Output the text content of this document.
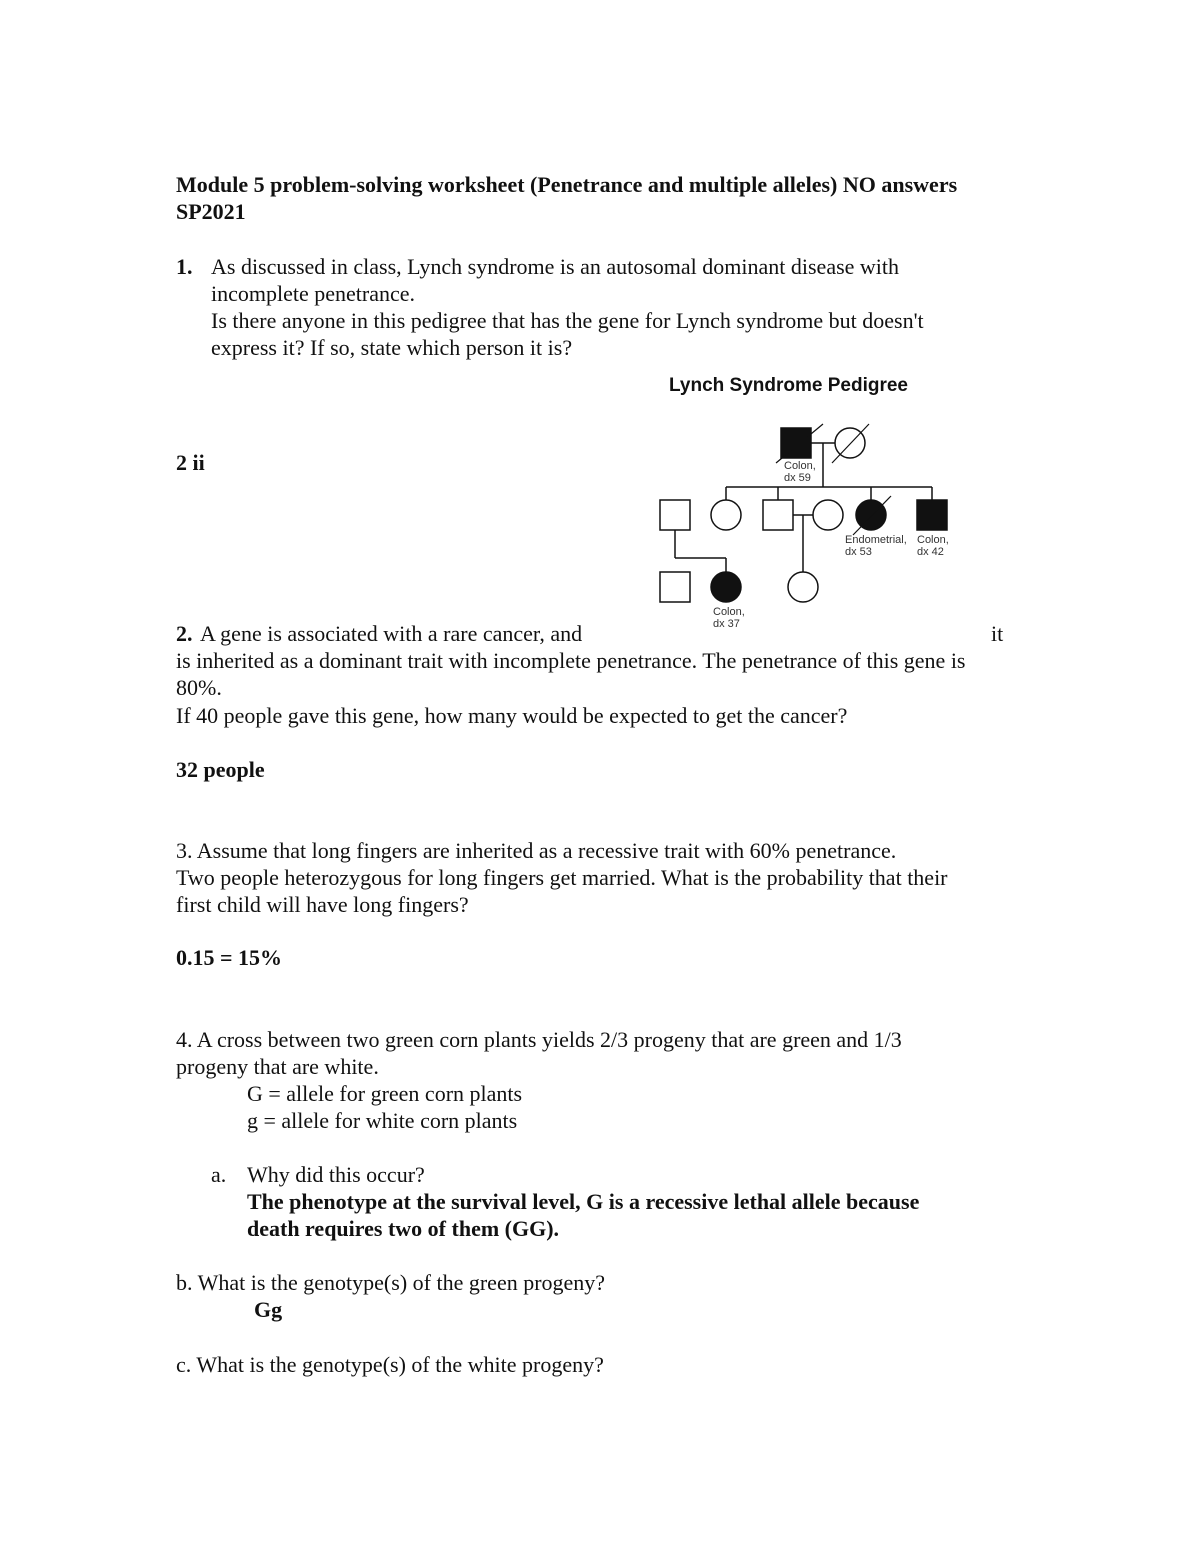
Module 5 problem-solving worksheet (Penetrance and multiple alleles) NO answers
SP2021
1. As discussed in class, Lynch syndrome is an autosomal dominant disease with
incomplete penetrance.
Is there anyone in this pedigree that has the gene for Lynch syndrome but doesn't
express it? If so, state which person it is?
2 ii
Lynch Syndrome Pedigree
Colon,
dx 59
Endometrial,
dx 53
Colon,
dx 42
Colon,
dx 37
2. A gene is associated with a rare cancer, and	it
is inherited as a dominant trait with incomplete penetrance. The penetrance of this gene is
80%.
If 40 people gave this gene, how many would be expected to get the cancer?
32 people
3. Assume that long fingers are inherited as a recessive trait with 60% penetrance.
Two people heterozygous for long fingers get married. What is the probability that their
first child will have long fingers?
0.15 = 15%
4. A cross between two green corn plants yields 2/3 progeny that are green and 1/3
progeny that are white.
G = allele for green corn plants
g = allele for white corn plants
a. Why did this occur?
The phenotype at the survival level, G is a recessive lethal allele because
death requires two of them (GG).
b. What is the genotype(s) of the green progeny?
Gg
c. What is the genotype(s) of the white progeny?
